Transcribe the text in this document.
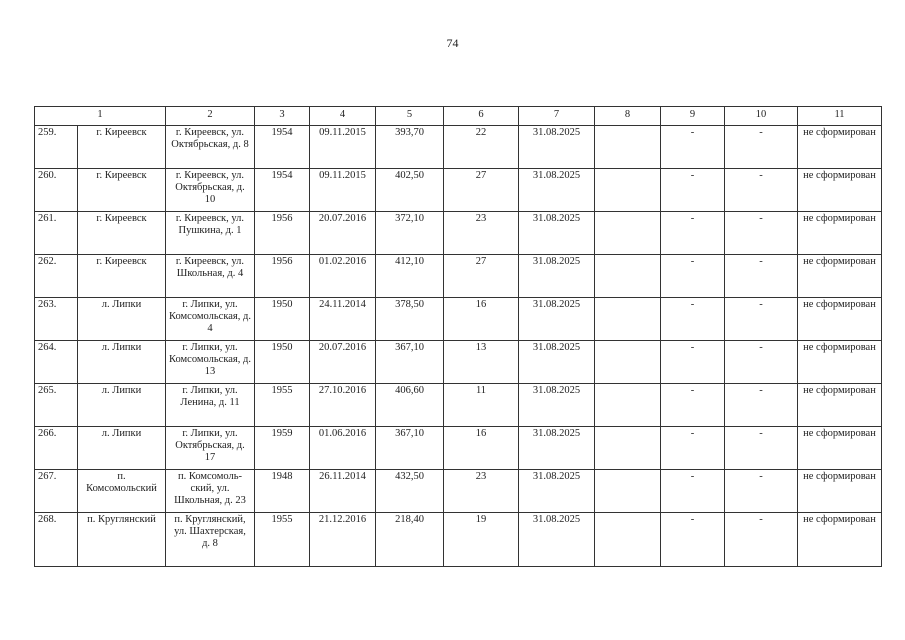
74
1		2	3	4	5	6	7	8	9	10	11
259.	г. Киреевск	г. Киреевск, ул. Октябрьская, д. 8	1954	09.11.2015	393,70	22	31.08.2025		-	-	не сформирован
260.	г. Киреевск	г. Киреевск, ул. Октябрьская, д. 10	1954	09.11.2015	402,50	27	31.08.2025		-	-	не сформирован
261.	г. Киреевск	г. Киреевск, ул. Пушкина, д. 1	1956	20.07.2016	372,10	23	31.08.2025		-	-	не сформирован
262.	г. Киреевск	г. Киреевск, ул. Школьная, д. 4	1956	01.02.2016	412,10	27	31.08.2025		-	-	не сформирован
263.	л. Липки	г. Липки, ул. Комсомольская, д. 4	1950	24.11.2014	378,50	16	31.08.2025		-	-	не сформирован
264.	л. Липки	г. Липки, ул. Комсомольская, д. 13	1950	20.07.2016	367,10	13	31.08.2025		-	-	не сформирован
265.	л. Липки	г. Липки, ул. Ленина, д. 11	1955	27.10.2016	406,60	11	31.08.2025		-	-	не сформирован
266.	л. Липки	г. Липки, ул. Октябрьская, д. 17	1959	01.06.2016	367,10	16	31.08.2025		-	-	не сформирован
267.	п. Комсомольский	п. Комсомоль-ский, ул. Школьная, д. 23	1948	26.11.2014	432,50	23	31.08.2025		-	-	не сформирован
268.	п. Круглянский	п. Круглянский, ул. Шахтерская, д. 8	1955	21.12.2016	218,40	19	31.08.2025		-	-	не сформирован
